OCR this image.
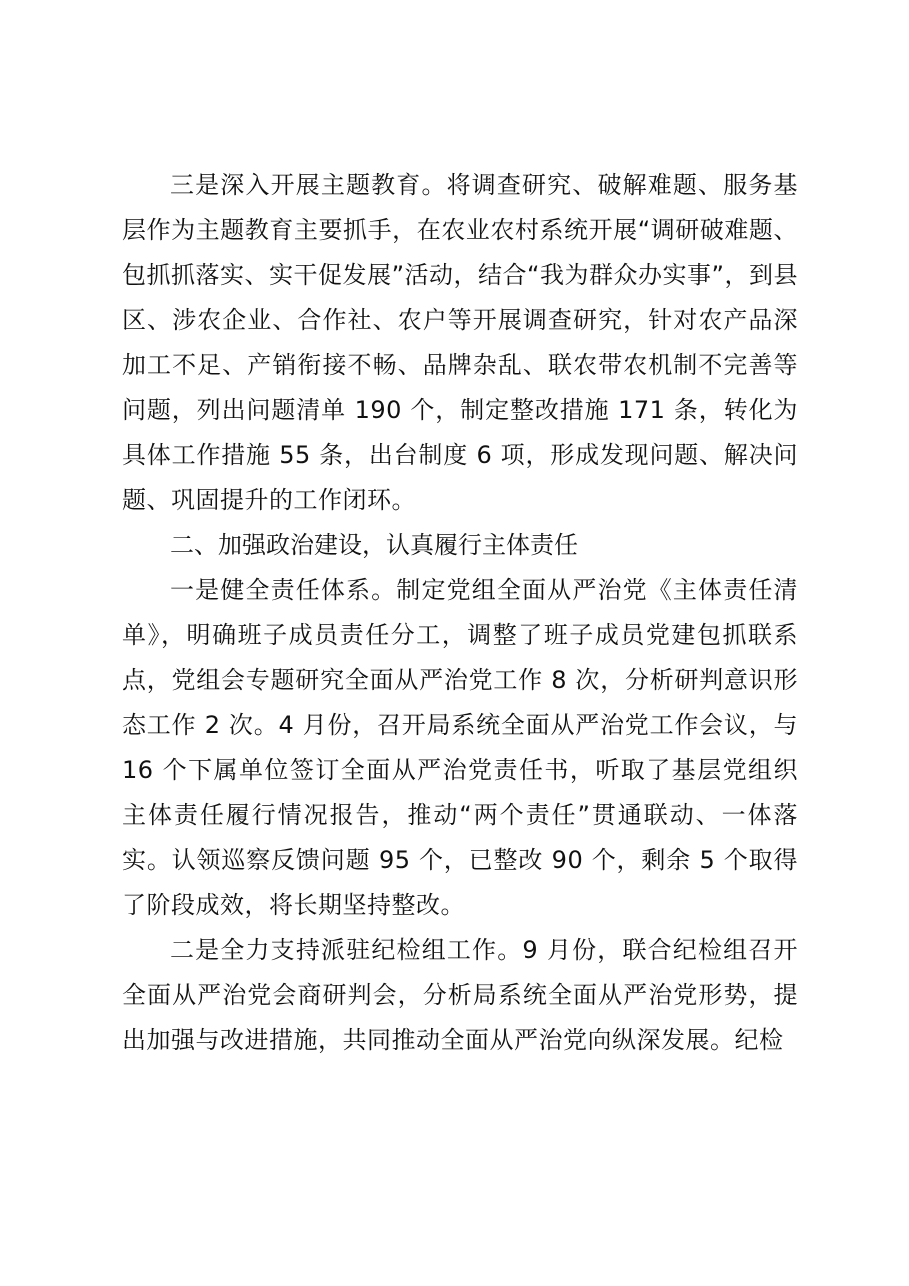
三是深入开展主题教育。将调查研究、破解难题、服务基层作为主题教育主要抓手，在农业农村系统开展“调研破难题、包抓抓落实、实干促发展”活动，结合“我为群众办实事”，到县区、涉农企业、合作社、农户等开展调查研究，针对农产品深加工不足、产销衔接不畅、品牌杂乱、联农带农机制不完善等问题，列出问题清单 190 个，制定整改措施 171 条，转化为具体工作措施 55 条，出台制度 6 项，形成发现问题、解决问题、巩固提升的工作闭环。

二、加强政治建设，认真履行主体责任

一是健全责任体系。制定党组全面从严治党《主体责任清单》，明确班子成员责任分工，调整了班子成员党建包抓联系点，党组会专题研究全面从严治党工作 8 次，分析研判意识形态工作 2 次。4 月份，召开局系统全面从严治党工作会议，与 16 个下属单位签订全面从严治党责任书，听取了基层党组织主体责任履行情况报告，推动“两个责任”贯通联动、一体落实。认领巡察反馈问题 95 个，已整改 90 个，剩余 5 个取得了阶段成效，将长期坚持整改。

二是全力支持派驻纪检组工作。9 月份，联合纪检组召开全面从严治党会商研判会，分析局系统全面从严治党形势，提出加强与改进措施，共同推动全面从严治党向纵深发展。纪检
